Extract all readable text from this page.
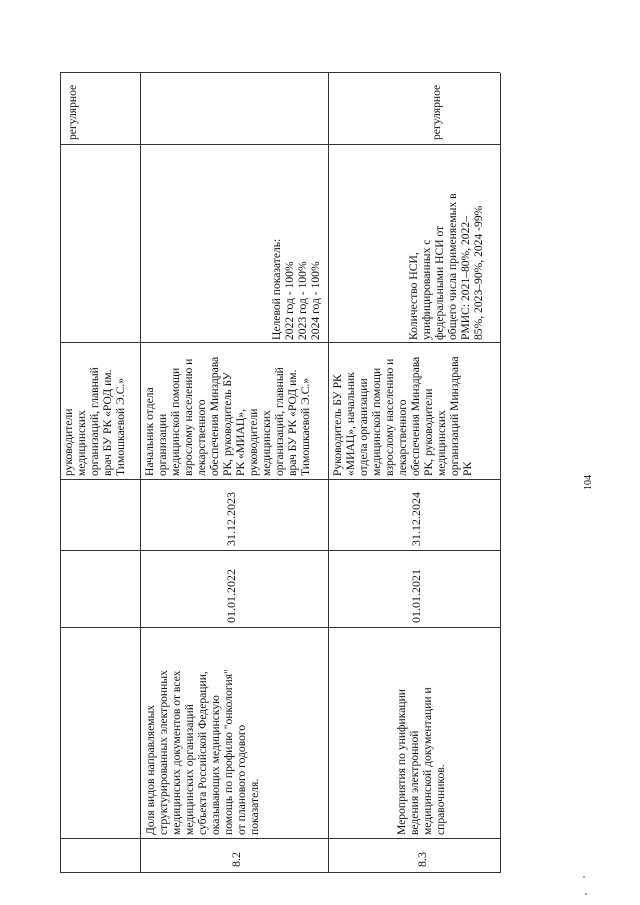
руководители медицинских организаций, главный врач БУ РК «РОД им. Тимошкаевой Э.С.»
регулярное
8.2
Доля видов направляемых структурированных электронных медицинских документов от всех медицинских организаций субъекта Российской Федерации, оказывающих медицинскую помощь по профилю "онкология" от планового годового показателя.
01.01.2022
31.12.2023
Начальник отдела организации медицинской помощи взрослому населению и лекарственного обеспечения Минздрава РК, руководитель БУ РК «МИАЦ», руководители медицинских организаций, главный врач БУ РК «РОД им. Тимошкаевой Э.С.»
Целевой показатель: 2022 год - 100% 2023 год - 100% 2024 год - 100%
8.3
Мероприятия по унификации ведения электронной медицинской документации и справочников.
01.01.2021
31.12.2024
Руководитель БУ РК «МИАЦ», начальник отдела организации медицинской помощи взрослому населению и лекарственного обеспечения Минздрава РК, руководители медицинских организаций Минздрава РК
Количество НСИ, унифицированных с федеральными НСИ от общего числа применяемых в РМИС: 2021–80%, 2022– 85%, 2023–90%, 2024 -99%
регулярное
104
